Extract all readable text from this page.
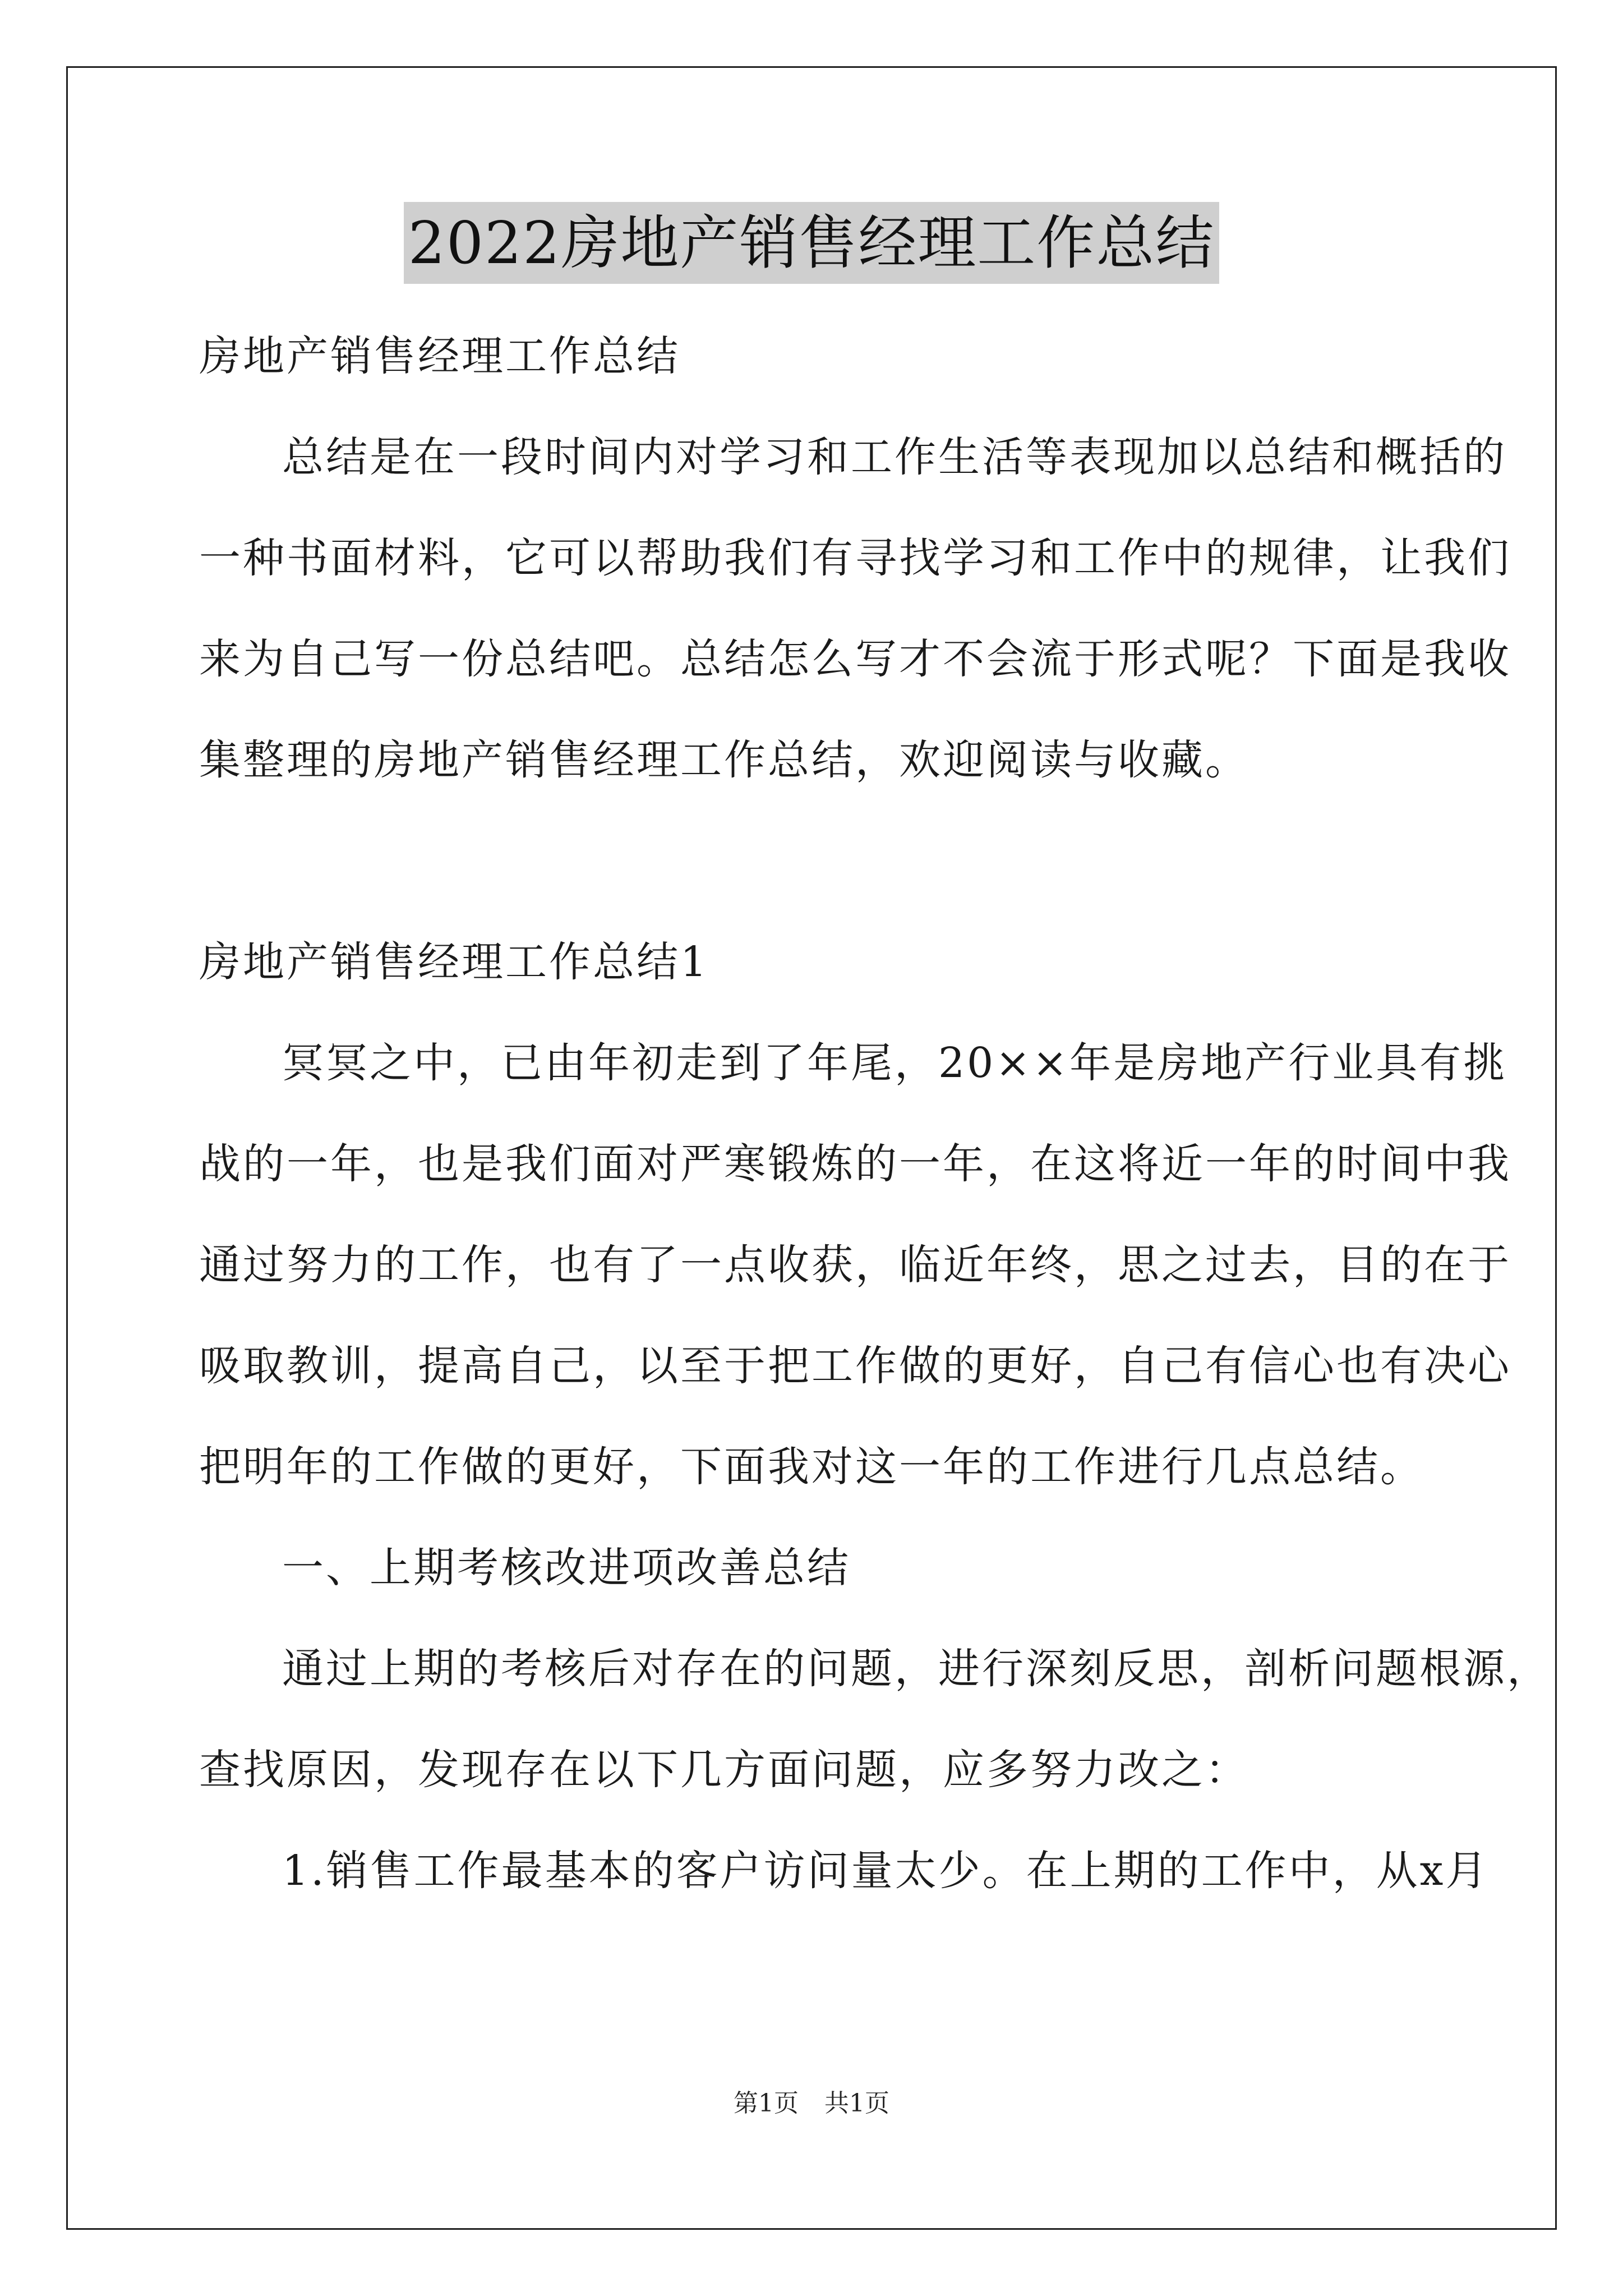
2022房地产销售经理工作总结
房地产销售经理工作总结
总结是在一段时间内对学习和工作生活等表现加以总结和概括的
一种书面材料，它可以帮助我们有寻找学习和工作中的规律，让我们
来为自己写一份总结吧。总结怎么写才不会流于形式呢？下面是我收
集整理的房地产销售经理工作总结，欢迎阅读与收藏。
房地产销售经理工作总结1
冥冥之中，已由年初走到了年尾，20××年是房地产行业具有挑
战的一年，也是我们面对严寒锻炼的一年，在这将近一年的时间中我
通过努力的工作，也有了一点收获，临近年终，思之过去，目的在于
吸取教训，提高自己，以至于把工作做的更好，自己有信心也有决心
把明年的工作做的更好，下面我对这一年的工作进行几点总结。
一、上期考核改进项改善总结
通过上期的考核后对存在的问题，进行深刻反思，剖析问题根源，
查找原因，发现存在以下几方面问题，应多努力改之：
1.销售工作最基本的客户访问量太少。在上期的工作中，从x月
第1页 共1页
